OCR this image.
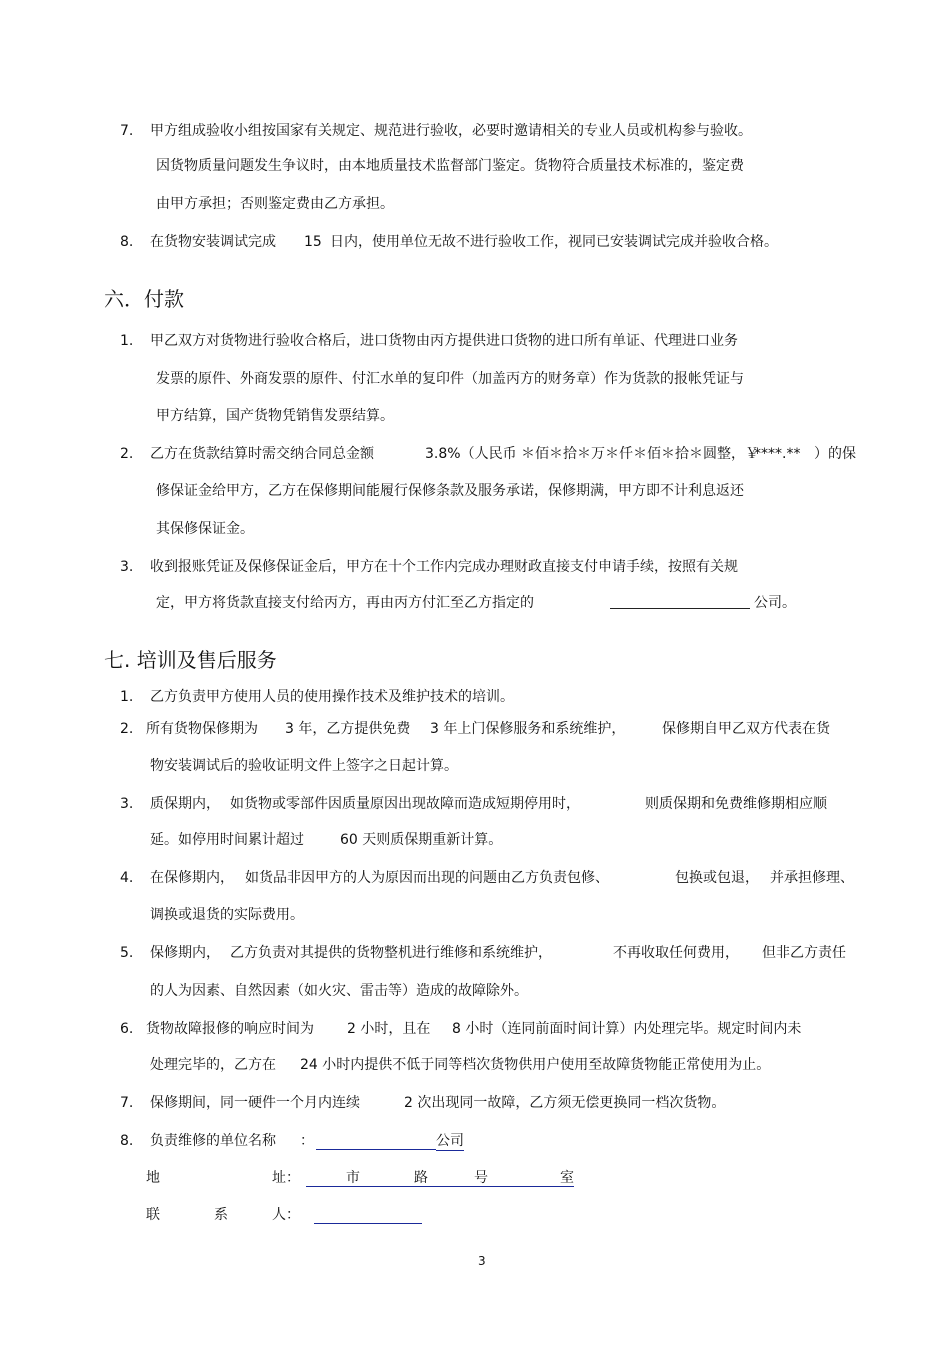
7. 甲方组成验收小组按国家有关规定、规范进行验收，必要时邀请相关的专业人员或机构参与验收。
因货物质量问题发生争议时，由本地质量技术监督部门鉴定。货物符合质量技术标准的，鉴定费
由甲方承担；否则鉴定费由乙方承担。
8. 在货物安装调试完成 15 日内，使用单位无故不进行验收工作，视同已安装调试完成并验收合格。
六．付款
1. 甲乙双方对货物进行验收合格后，进口货物由丙方提供进口货物的进口所有单证、代理进口业务
发票的原件、外商发票的原件、付汇水单的复印件（加盖丙方的财务章）作为货款的报帐凭证与
甲方结算，国产货物凭销售发票结算。
2. 乙方在货款结算时需交纳合同总金额	3.8%（人民币 ＊佰＊拾＊万＊仟＊佰＊拾＊圆整，￥
****.** ）的保
修保证金给甲方，乙方在保修期间能履行保修条款及服务承诺，保修期满，甲方即不计利息返还
其保修保证金。
3. 收到报账凭证及保修保证金后，甲方在十个工作内完成办理财政直接支付申请手续，按照有关规
定，甲方将货款直接支付给丙方，再由丙方付汇至乙方指定的	公司。
七. 培训及售后服务
1. 乙方负责甲方使用人员的使用操作技术及维护技术的培训。
2. 所有货物保修期为 3 年，乙方提供免费 3 年上门保修服务和系统维护，	保修期自甲乙双方代表在货
物安装调试后的验收证明文件上签字之日起计算。
3. 质保期内， 如货物或零部件因质量原因出现故障而造成短期停用时，	则质保期和免费维修期相应顺
延。如停用时间累计超过	60 天则质保期重新计算。
4. 在保修期内， 如货品非因甲方的人为原因而出现的问题由乙方负责包修、	包换或包退， 并承担修理、
调换或退货的实际费用。
5. 保修期内， 乙方负责对其提供的货物整机进行维修和系统维护，	不再收取任何费用， 但非乙方责任
的人为因素、自然因素（如火灾、雷击等）造成的故障除外。
6. 货物故障报修的响应时间为 2 小时，且在 8 小时（连同前面时间计算）内处理完毕。规定时间内未
处理完毕的，乙方在 24 小时内提供不低于同等档次货物供用户使用至故障货物能正常使用为止。
7. 保修期间，同一硬件一个月内连续	2 次出现同一故障，乙方须无偿更换同一档次货物。
8. 负责维修的单位名称 ：	公司
地	址 ：	市	路	号	室
联	系	人 ：
3
